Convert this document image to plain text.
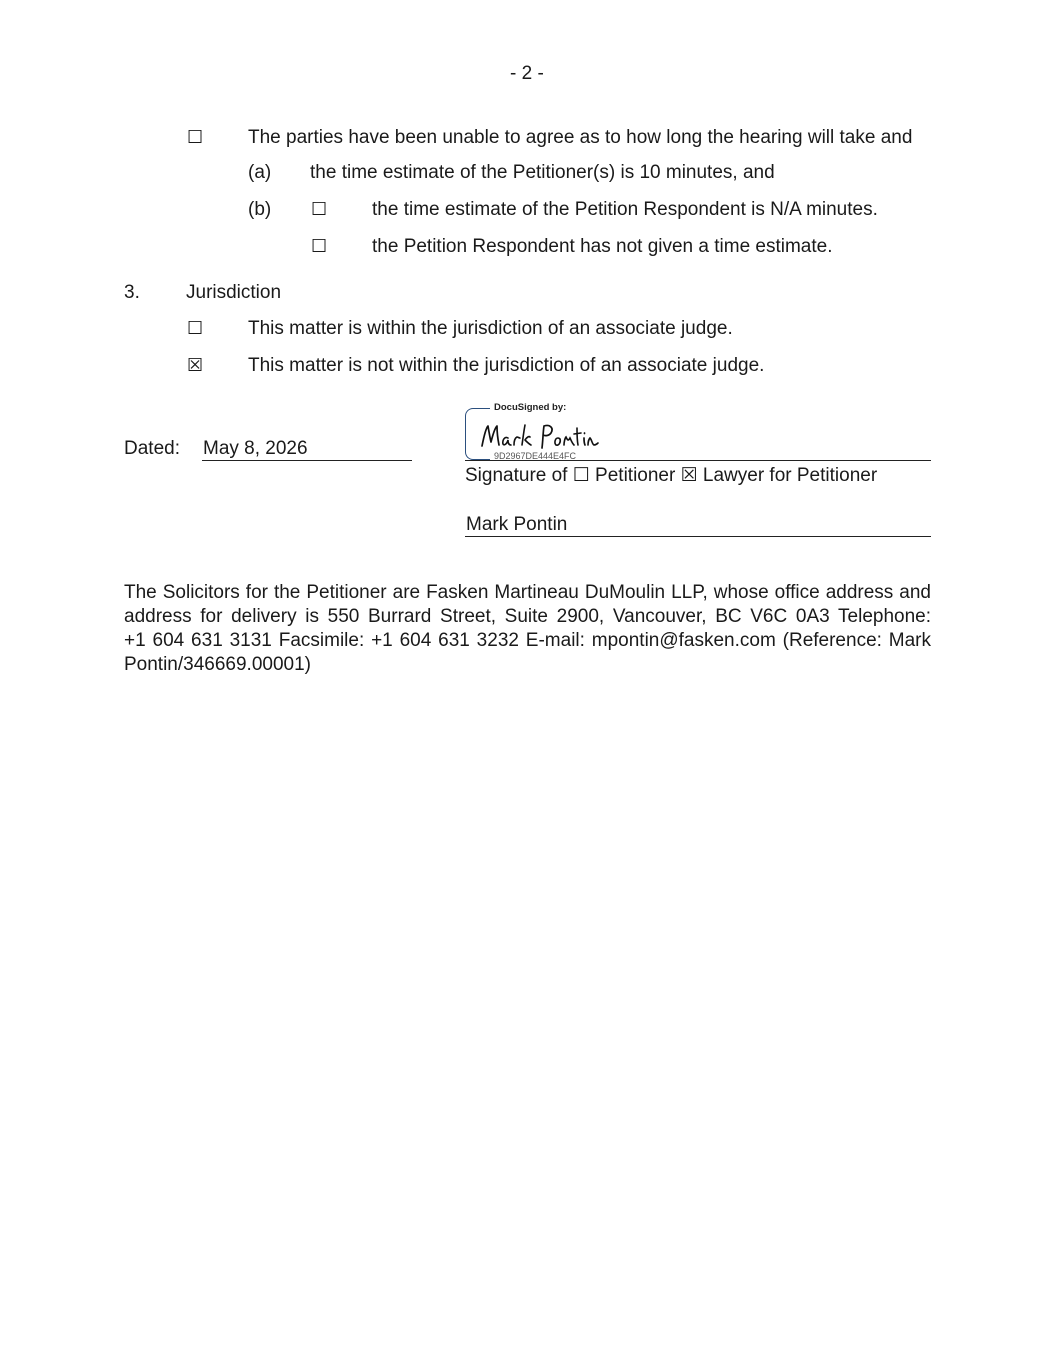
- 2 -
☐ The parties have been unable to agree as to how long the hearing will take and
(a) the time estimate of the Petitioner(s) is 10 minutes, and
(b) ☐ the time estimate of the Petition Respondent is N/A minutes.
☐ the Petition Respondent has not given a time estimate.
3. Jurisdiction
☐ This matter is within the jurisdiction of an associate judge.
☒ This matter is not within the jurisdiction of an associate judge.
Dated: May 8, 2026
DocuSigned by:
9D2967DE444E4FC
Signature of ☐ Petitioner ☒ Lawyer for Petitioner
Mark Pontin
The Solicitors for the Petitioner are Fasken Martineau DuMoulin LLP, whose office address and
address for delivery is 550 Burrard Street, Suite 2900, Vancouver, BC V6C 0A3 Telephone:
+1 604 631 3131 Facsimile: +1 604 631 3232 E-mail: mpontin@fasken.com (Reference: Mark
Pontin/346669.00001)
